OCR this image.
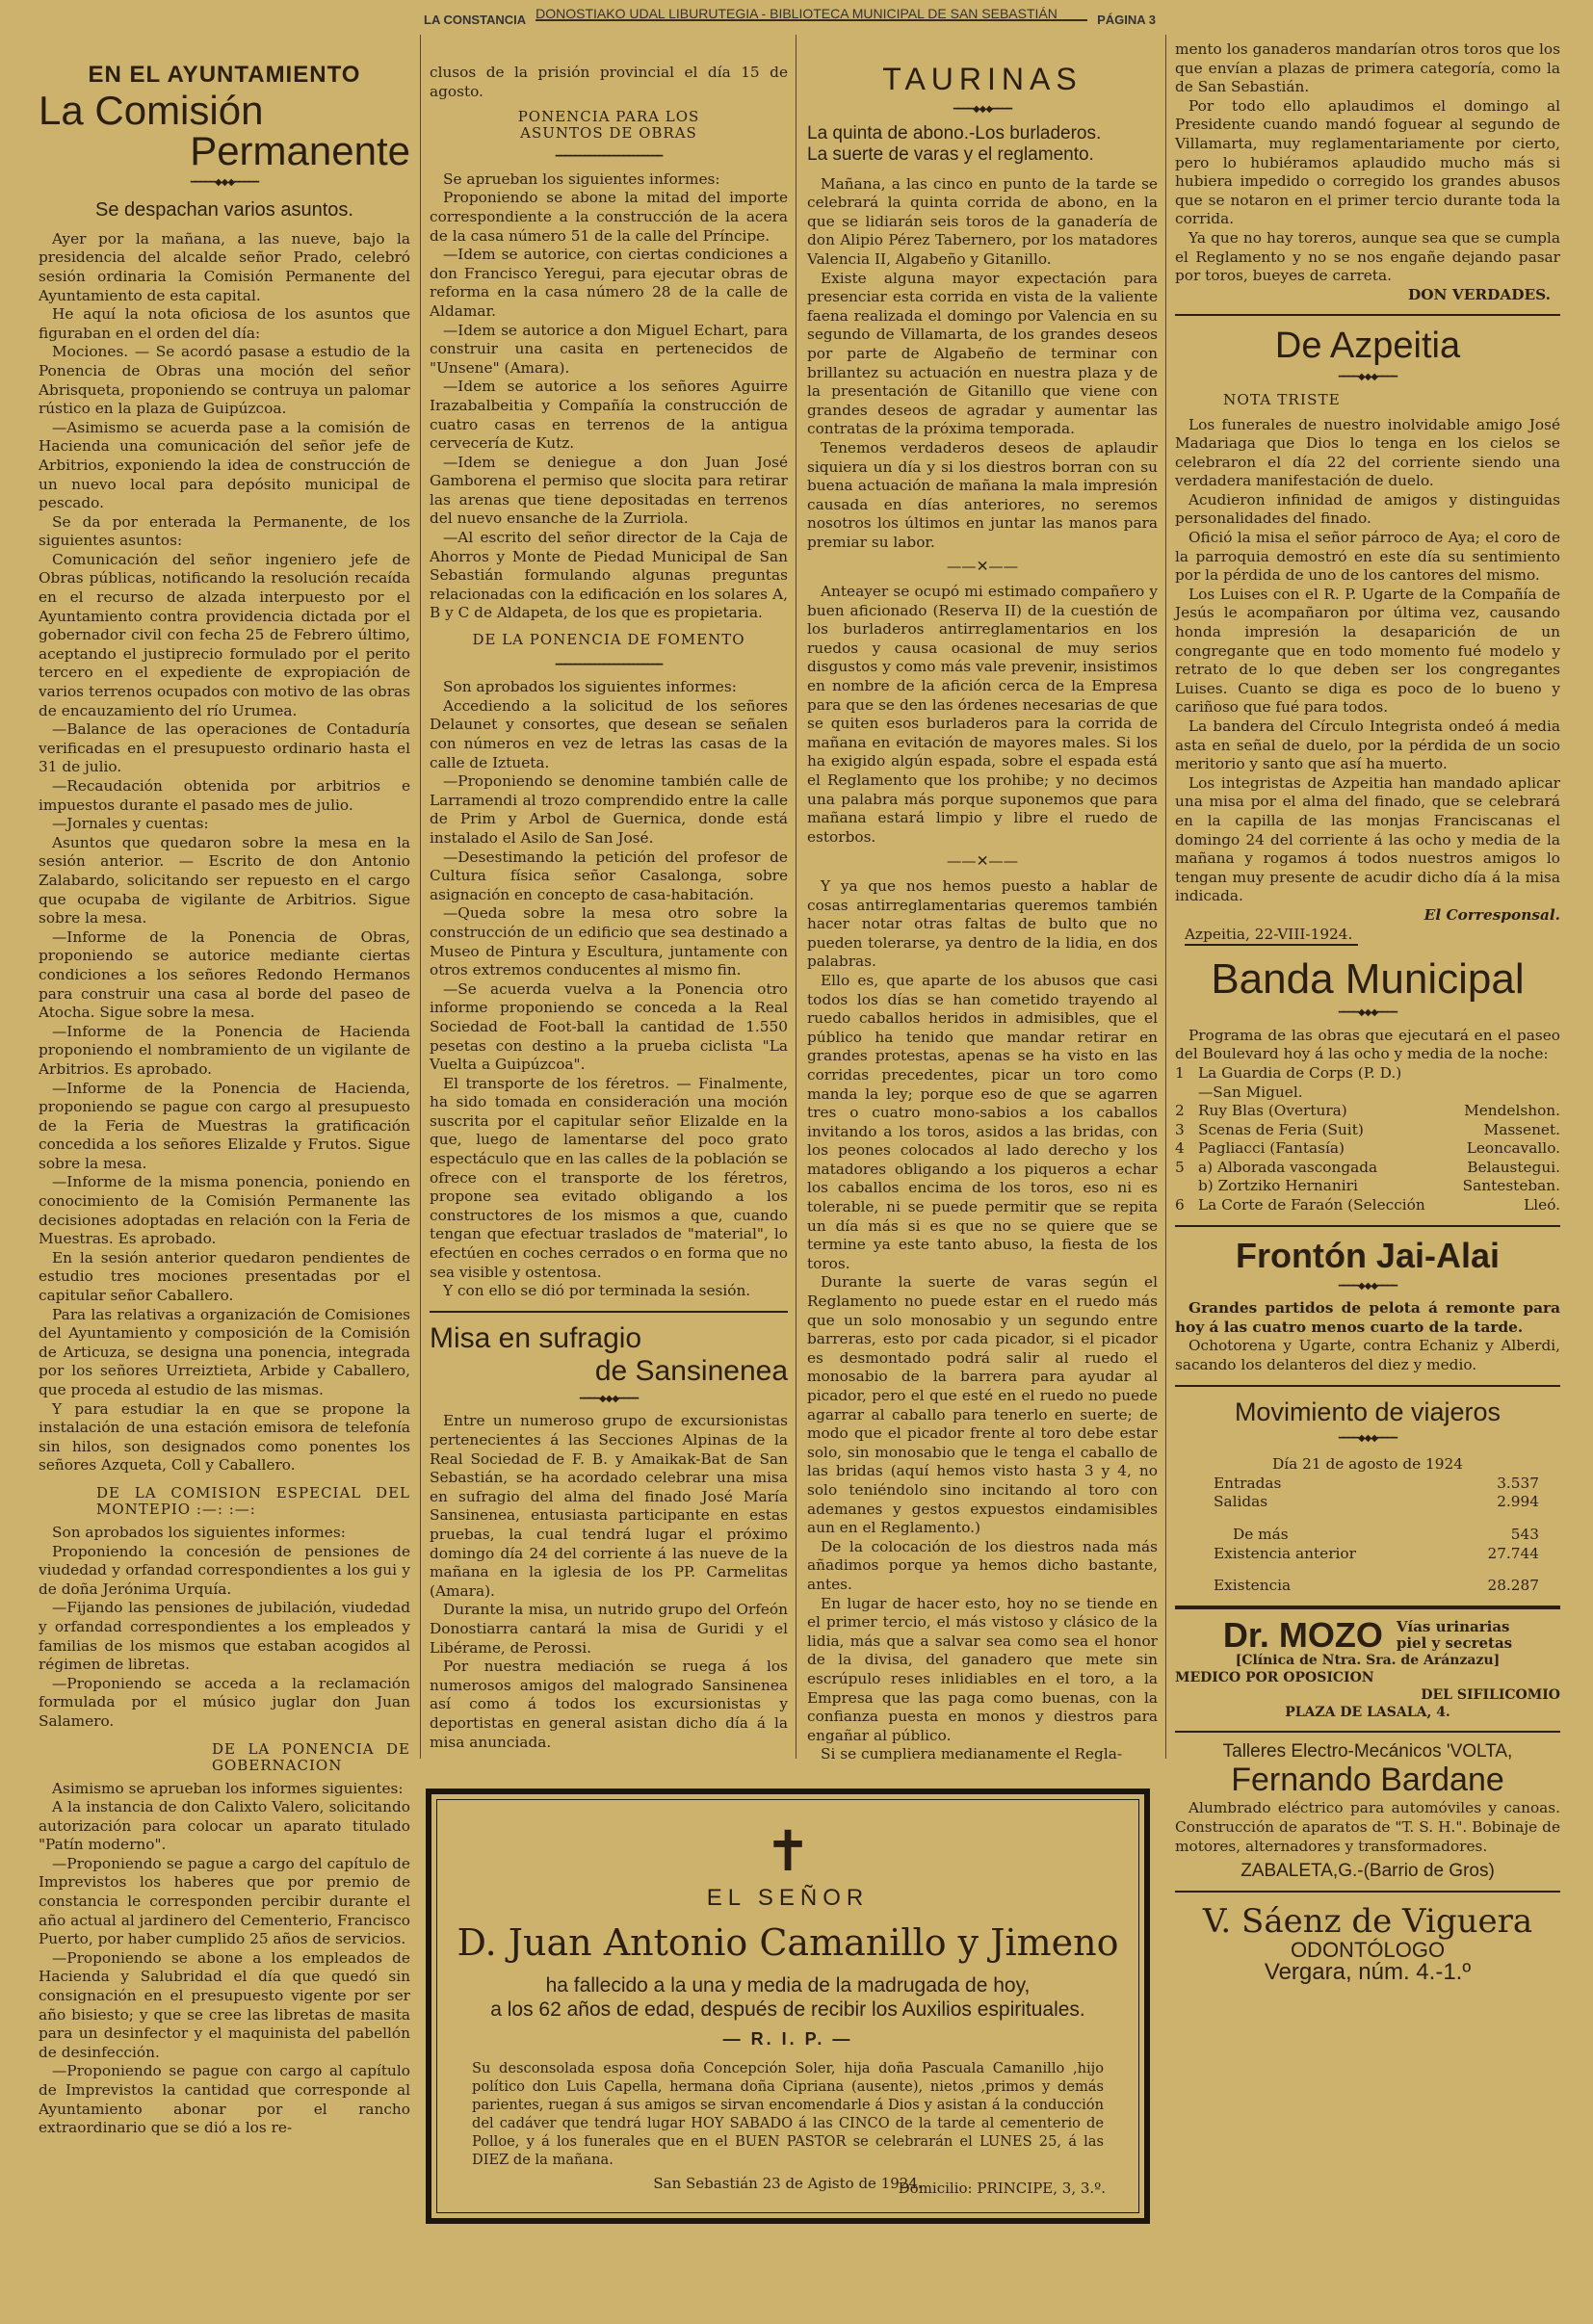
DONOSTIAKO UDAL LIBURUTEGIA - BIBLIOTECA MUNICIPAL DE SAN SEBASTIÁN
LA CONSTANCIA	PÁGINA 3
EN EL AYUNTAMIENTO
La Comisión
Permanente
━━━━━◆◆◆━━━━━
Se despachan varios asuntos.

Ayer por la mañana, a las nueve, bajo la presidencia del alcalde señor Prado, celebró sesión ordinaria la Comisión Permanente del Ayuntamiento de esta capital.

He aquí la nota oficiosa de los asuntos que figuraban en el orden del día:

Mociones. — Se acordó pasase a estudio de la Ponencia de Obras una moción del señor Abrisqueta, proponiendo se contruya un palomar rústico en la plaza de Guipúzcoa.

—Asimismo se acuerda pase a la comisión de Hacienda una comunicación del señor jefe de Arbitrios, exponiendo la idea de construcción de un nuevo local para depósito municipal de pescado.

Se da por enterada la Permanente, de los siguientes asuntos:

Comunicación del señor ingeniero jefe de Obras públicas, notificando la resolución recaída en el recurso de alzada interpuesto por el Ayuntamiento contra providencia dictada por el gobernador civil con fecha 25 de Febrero último, aceptando el justiprecio formulado por el perito tercero en el expediente de expropiación de varios terrenos ocupados con motivo de las obras de encauzamiento del río Urumea.

—Balance de las operaciones de Contaduría verificadas en el presupuesto ordinario hasta el 31 de julio.

—Recaudación obtenida por arbitrios e impuestos durante el pasado mes de julio.

—Jornales y cuentas:

Asuntos que quedaron sobre la mesa en la sesión anterior. — Escrito de don Antonio Zalabardo, solicitando ser repuesto en el cargo que ocupaba de vigilante de Arbitrios. Sigue sobre la mesa.

—Informe de la Ponencia de Obras, proponiendo se autorice mediante ciertas condiciones a los señores Redondo Hermanos para construir una casa al borde del paseo de Atocha. Sigue sobre la mesa.

—Informe de la Ponencia de Hacienda proponiendo el nombramiento de un vigilante de Arbitrios. Es aprobado.

—Informe de la Ponencia de Hacienda, proponiendo se pague con cargo al presupuesto de la Feria de Muestras la gratificación concedida a los señores Elizalde y Frutos. Sigue sobre la mesa.

—Informe de la misma ponencia, poniendo en conocimiento de la Comisión Permanente las decisiones adoptadas en relación con la Feria de Muestras. Es aprobado.

En la sesión anterior quedaron pendientes de estudio tres mociones presentadas por el capitular señor Caballero.

Para las relativas a organización de Comisiones del Ayuntamiento y composición de la Comisión de Articuza, se designa una ponencia, integrada por los señores Urreiztieta, Arbide y Caballero, que proceda al estudio de las mismas.

Y para estudiar la en que se propone la instalación de una estación emisora de telefonía sin hilos, son designados como ponentes los señores Azqueta, Coll y Caballero.

DE LA COMISION ESPECIAL DEL MONTEPIO :—: :—:

Son aprobados los siguientes informes:

Proponiendo la concesión de pensiones de viudedad y orfandad correspondientes a los gui y de doña Jerónima Urquía.

—Fijando las pensiones de jubilación, viudedad y orfandad correspondientes a los empleados y familias de los mismos que estaban acogidos al régimen de libretas.

—Proponiendo se acceda a la reclamación formulada por el músico juglar don Juan Salamero.

DE LA PONENCIA DE GOBERNACION

Asimismo se aprueban los informes siguientes:

A la instancia de don Calixto Valero, solicitando autorización para colocar un aparato titulado "Patín moderno".

—Proponiendo se pague a cargo del capítulo de Imprevistos los haberes que por premio de constancia le corresponden percibir durante el año actual al jardinero del Cementerio, Francisco Puerto, por haber cumplido 25 años de servicios.

—Proponiendo se abone a los empleados de Hacienda y Salubridad el día que quedó sin consignación en el presupuesto vigente por ser año bisiesto; y que se cree las libretas de masita para un desinfector y el maquinista del pabellón de desinfección.

—Proponiendo se pague con cargo al capítulo de Imprevistos la cantidad que corresponde al Ayuntamiento abonar por el rancho extraordinario que se dió a los re-

clusos de la prisión provincial el día 15 de agosto.

PONENCIA PARA LOS ASUNTOS DE OBRAS
━━━━━━━━━━━━━━━━━━━━━━

Se aprueban los siguientes informes:

Proponiendo se abone la mitad del importe correspondiente a la construcción de la acera de la casa número 51 de la calle del Príncipe.

—Idem se autorice, con ciertas condiciones a don Francisco Yeregui, para ejecutar obras de reforma en la casa número 28 de la calle de Aldamar.

—Idem se autorice a don Miguel Echart, para construir una casita en pertenecidos de "Unsene" (Amara).

—Idem se autorice a los señores Aguirre Irazabalbeitia y Compañía la construcción de cuatro casas en terrenos de la antigua cervecería de Kutz.

—Idem se deniegue a don Juan José Gamborena el permiso que slocita para retirar las arenas que tiene depositadas en terrenos del nuevo ensanche de la Zurriola.

—Al escrito del señor director de la Caja de Ahorros y Monte de Piedad Municipal de San Sebastián formulando algunas preguntas relacionadas con la edificación en los solares A, B y C de Aldapeta, de los que es propietaria.

DE LA PONENCIA DE FOMENTO
━━━━━━━━━━━━━━━━━━━━━━

Son aprobados los siguientes informes:

Accediendo a la solicitud de los señores Delaunet y consortes, que desean se señalen con números en vez de letras las casas de la calle de Iztueta.

—Proponiendo se denomine también calle de Larramendi al trozo comprendido entre la calle de Prim y Arbol de Guernica, donde está instalado el Asilo de San José.

—Desestimando la petición del profesor de Cultura física señor Casalonga, sobre asignación en concepto de casa-habitación.

—Queda sobre la mesa otro sobre la construcción de un edificio que sea destinado a Museo de Pintura y Escultura, juntamente con otros extremos conducentes al mismo fin.

—Se acuerda vuelva a la Ponencia otro informe proponiendo se conceda a la Real Sociedad de Foot-ball la cantidad de 1.550 pesetas con destino a la prueba ciclista "La Vuelta a Guipúzcoa".

El transporte de los féretros. — Finalmente, ha sido tomada en consideración una moción suscrita por el capitular señor Elizalde en la que, luego de lamentarse del poco grato espectáculo que en las calles de la población se ofrece con el transporte de los féretros, propone sea evitado obligando a los constructores de los mismos a que, cuando tengan que efectuar traslados de "material", lo efectúen en coches cerrados o en forma que no sea visible y ostentosa.

Y con ello se dió por terminada la sesión.

Misa en sufragio
de Sansinenea
━━━━◆◆◆━━━━

Entre un numeroso grupo de excursionistas pertenecientes á las Secciones Alpinas de la Real Sociedad de F. B. y Amaikak-Bat de San Sebastián, se ha acordado celebrar una misa en sufragio del alma del finado José María Sansinenea, entusiasta participante en estas pruebas, la cual tendrá lugar el próximo domingo día 24 del corriente á las nueve de la mañana en la iglesia de los PP. Carmelitas (Amara).

Durante la misa, un nutrido grupo del Orfeón Donostiarra cantará la misa de Guridi y el Libérame, de Perossi.

Por nuestra mediación se ruega á los numerosos amigos del malogrado Sansinenea así como á todos los excursionistas y deportistas en general asistan dicho día á la misa anunciada.

TAURINAS
━━━━◆◆◆━━━━
La quinta de abono.-Los burladeros.
La suerte de varas y el reglamento.

Mañana, a las cinco en punto de la tarde se celebrará la quinta corrida de abono, en la que se lidiarán seis toros de la ganadería de don Alipio Pérez Tabernero, por los matadores Valencia II, Algabeño y Gitanillo.

Existe alguna mayor expectación para presenciar esta corrida en vista de la valiente faena realizada el domingo por Valencia en su segundo de Villamarta, de los grandes deseos por parte de Algabeño de terminar con brillantez su actuación en nuestra plaza y de la presentación de Gitanillo que viene con grandes deseos de agradar y aumentar las contratas de la próxima temporada.

Tenemos verdaderos deseos de aplaudir siquiera un día y si los diestros borran con su buena actuación de mañana la mala impresión causada en días anteriores, no seremos nosotros los últimos en juntar las manos para premiar su labor.

——✕——

Anteayer se ocupó mi estimado compañero y buen aficionado (Reserva II) de la cuestión de los burladeros antirreglamentarios en los ruedos y causa ocasional de muy serios disgustos y como más vale prevenir, insistimos en nombre de la afición cerca de la Empresa para que se den las órdenes necesarias de que se quiten esos burladeros para la corrida de mañana en evitación de mayores males. Si los ha exigido algún espada, sobre el espada está el Reglamento que los prohibe; y no decimos una palabra más porque suponemos que para mañana estará limpio y libre el ruedo de estorbos.

——✕——

Y ya que nos hemos puesto a hablar de cosas antirreglamentarias queremos también hacer notar otras faltas de bulto que no pueden tolerarse, ya dentro de la lidia, en dos palabras.

Ello es, que aparte de los abusos que casi todos los días se han cometido trayendo al ruedo caballos heridos in admisibles, que el público ha tenido que mandar retirar en grandes protestas, apenas se ha visto en las corridas precedentes, picar un toro como manda la ley; porque eso de que se agarren tres o cuatro mono-sabios a los caballos invitando a los toros, asidos a las bridas, con los peones colocados al lado derecho y los matadores obligando a los piqueros a echar los caballos encima de los toros, eso ni es tolerable, ni se puede permitir que se repita un día más si es que no se quiere que se termine ya este tanto abuso, la fiesta de los toros.

Durante la suerte de varas según el Reglamento no puede estar en el ruedo más que un solo monosabio y un segundo entre barreras, esto por cada picador, si el picador es desmontado podrá salir al ruedo el monosabio de la barrera para ayudar al picador, pero el que esté en el ruedo no puede agarrar al caballo para tenerlo en suerte; de modo que el picador frente al toro debe estar solo, sin monosabio que le tenga el caballo de las bridas (aquí hemos visto hasta 3 y 4, no solo teniéndolo sino incitando al toro con ademanes y gestos expuestos eindamisibles aun en el Reglamento.)

De la colocación de los diestros nada más añadimos porque ya hemos dicho bastante, antes.

En lugar de hacer esto, hoy no se tiende en el primer tercio, el más vistoso y clásico de la lidia, más que a salvar sea como sea el honor de la divisa, del ganadero que mete sin escrúpulo reses inlidiables en el toro, a la Empresa que las paga como buenas, con la confianza puesta en monos y diestros para engañar al público.

Si se cumpliera medianamente el Regla-

mento los ganaderos mandarían otros toros que los que envían a plazas de primera categoría, como la de San Sebastián.

Por todo ello aplaudimos el domingo al Presidente cuando mandó foguear al segundo de Villamarta, muy reglamentariamente por cierto, pero lo hubiéramos aplaudido mucho más si hubiera impedido o corregido los grandes abusos que se notaron en el primer tercio durante toda la corrida.

Ya que no hay toreros, aunque sea que se cumpla el Reglamento y no se nos engañe dejando pasar por toros, bueyes de carreta.

DON VERDADES.
De Azpeitia
━━━━◆◆◆━━━━
NOTA TRISTE

Los funerales de nuestro inolvidable amigo José Madariaga que Dios lo tenga en los cielos se celebraron el día 22 del corriente siendo una verdadera manifestación de duelo.

Acudieron infinidad de amigos y distinguidas personalidades del finado.

Ofició la misa el señor párroco de Aya; el coro de la parroquia demostró en este día su sentimiento por la pérdida de uno de los cantores del mismo.

Los Luises con el R. P. Ugarte de la Compañía de Jesús le acompañaron por última vez, causando honda impresión la desaparición de un congregante que en todo momento fué modelo y retrato de lo que deben ser los congregantes Luises. Cuanto se diga es poco de lo bueno y cariñoso que fué para todos.

La bandera del Círculo Integrista ondeó á media asta en señal de duelo, por la pérdida de un socio meritorio y santo que así ha muerto.

Los integristas de Azpeitia han mandado aplicar una misa por el alma del finado, que se celebrará en la capilla de las monjas Franciscanas el domingo 24 del corriente á las ocho y media de la mañana y rogamos á todos nuestros amigos lo tengan muy presente de acudir dicho día á la misa indicada.

El Corresponsal.
Azpeitia, 22-VIII-1924.
Banda Municipal
━━━━◆◆◆━━━━

Programa de las obras que ejecutará en el paseo del Boulevard hoy á las ocho y media de la noche:

1 La Guardia de Corps (P. D.)
—San Miguel.
2 Ruy Blas (Overtura)	Mendelshon.
3 Scenas de Feria (Suit)	Massenet.
4 Pagliacci (Fantasía)	Leoncavallo.
5 a) Alborada vascongada	Belaustegui.
b) Zortziko Hernaniri	Santesteban.
6 La Corte de Faraón (Selección	Lleó.
Frontón Jai-Alai
━━━━◆◆◆━━━━

Grandes partidos de pelota á remonte para hoy á las cuatro menos cuarto de la tarde.

Ochotorena y Ugarte, contra Echaniz y Alberdi, sacando los delanteros del diez y medio.

Movimiento de viajeros
━━━━◆◆◆━━━━
Día 21 de agosto de 1924
Entradas	3.537
Salidas	2.994
De más	543
Existencia anterior	27.744
Existencia	28.287
Dr. MOZO Vías urinarias
piel y secretas
[Clínica de Ntra. Sra. de Aránzazu]
MEDICO POR OPOSICION
DEL SIFILICOMIO
PLAZA DE LASALA, 4.
Talleres Electro-Mecánicos 'VOLTA,
Fernando Bardane

Alumbrado eléctrico para automóviles y canoas. Construcción de aparatos de "T. S. H.". Bobinaje de motores, alternadores y transformadores.

ZABALETA,G.-(Barrio de Gros)
V. Sáenz de Viguera
ODONTÓLOGO
Vergara, núm. 4.-1.º
✝
EL SEÑOR
D. Juan Antonio Camanillo y Jimeno
ha fallecido a la una y media de la madrugada de hoy,
a los 62 años de edad, después de recibir los Auxilios espirituales.
— R. I. P. —
Su desconsolada esposa doña Concepción Soler, hija doña Pascuala Camanillo ,hijo político don Luis Capella, hermana doña Cipriana (ausente), nietos ,primos y demás parientes, ruegan á sus amigos se sirvan encomendarle á Dios y asistan á la conducción del cadáver que tendrá lugar HOY SABADO á las CINCO de la tarde al cementerio de Polloe, y á los funerales que en el BUEN PASTOR se celebrarán el LUNES 25, á las DIEZ de la mañana.
San Sebastián 23 de Agisto de 1924.
Domicilio: PRINCIPE, 3, 3.º.
